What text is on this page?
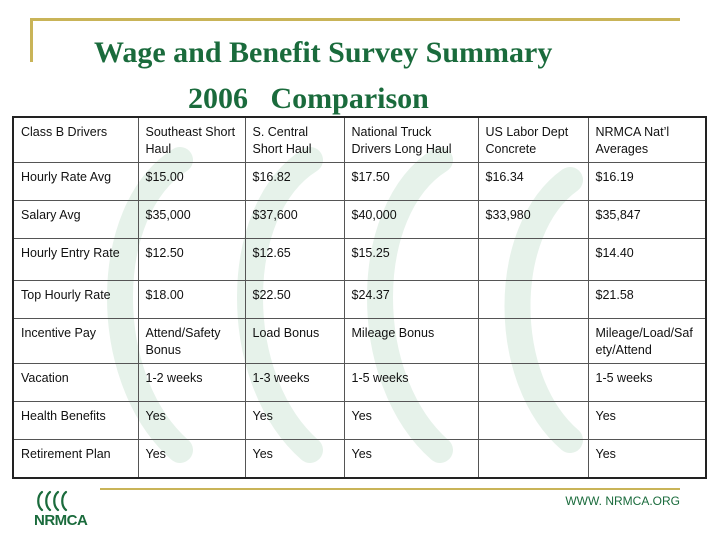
Wage and Benefit Survey Summary
2006   Comparison
Class B Drivers	Southeast Short Haul	S. Central Short Haul	National Truck Drivers Long Haul	US Labor Dept Concrete	NRMCA Nat’l Averages
Hourly Rate Avg	$15.00	$16.82	$17.50	$16.34	$16.19
Salary Avg	$35,000	$37,600	$40,000	$33,980	$35,847
Hourly Entry Rate	$12.50	$12.65	$15.25		$14.40
Top Hourly Rate	$18.00	$22.50	$24.37		$21.58
Incentive Pay	Attend/Safety Bonus	Load Bonus	Mileage Bonus		Mileage/Load/Safety/Attend
Vacation	1-2 weeks	1-3 weeks	1-5 weeks		1-5 weeks
Health Benefits	Yes	Yes	Yes		Yes
Retirement Plan	Yes	Yes	Yes		Yes
NRMCA
WWW. NRMCA.ORG
